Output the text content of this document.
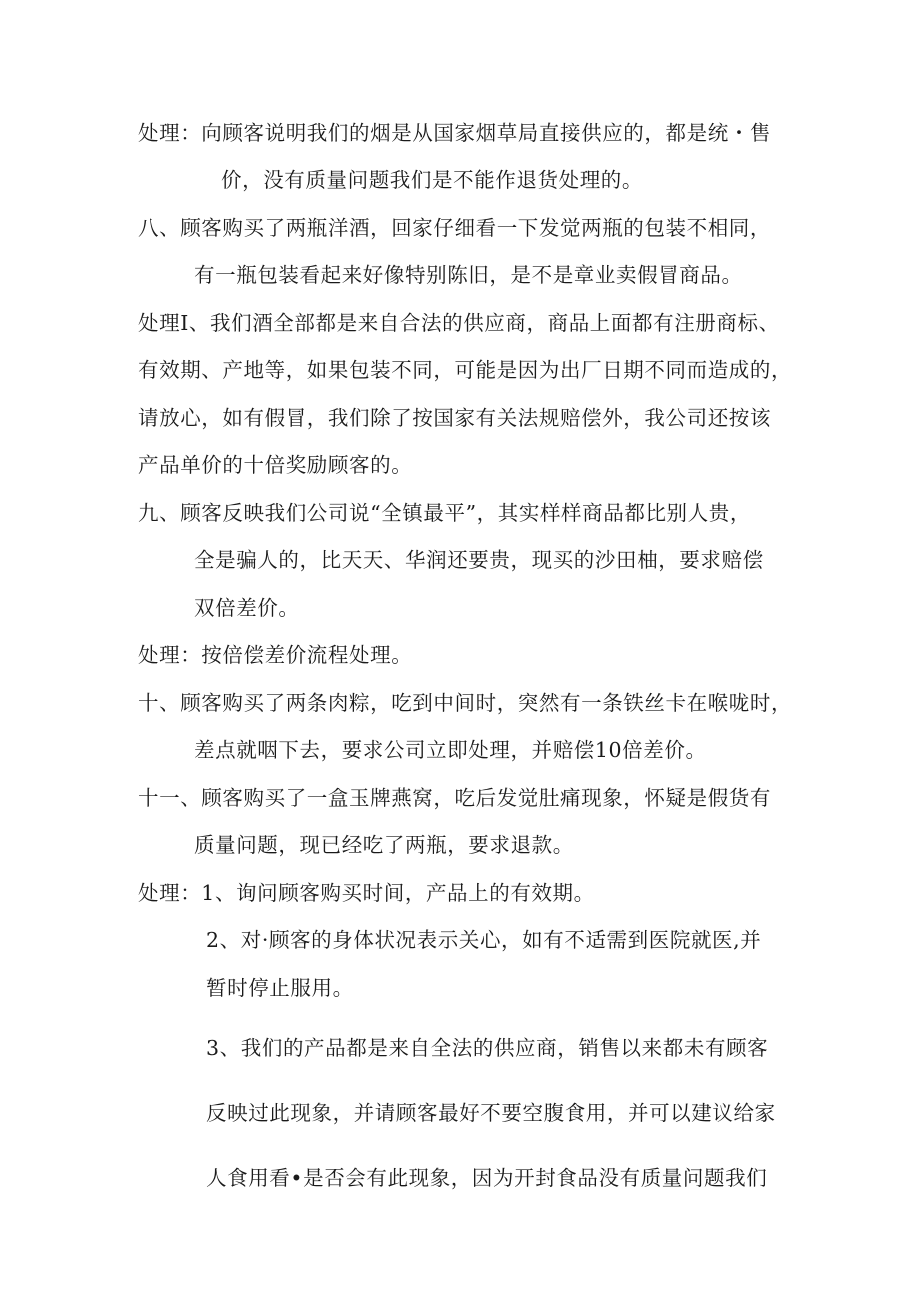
处理：向顾客说明我们的烟是从国家烟草局直接供应的，都是统・售
价，没有质量问题我们是不能作退货处理的。
八、顾客购买了两瓶洋酒，回家仔细看一下发觉两瓶的包装不相同，
有一瓶包装看起来好像特别陈旧，是不是章业卖假冒商品。
处理Ⅰ、我们酒全部都是来自合法的供应商，商品上面都有注册商标、
有效期、产地等，如果包装不同，可能是因为出厂日期不同而造成的，
请放心，如有假冒，我们除了按国家有关法规赔偿外，我公司还按该
产品单价的十倍奖励顾客的。
九、顾客反映我们公司说“全镇最平”，其实样样商品都比别人贵，
全是骗人的，比天天、华润还要贵，现买的沙田柚，要求赔偿
双倍差价。
处理：按倍偿差价流程处理。
十、顾客购买了两条肉粽，吃到中间时，突然有一条铁丝卡在喉咙时，
差点就咽下去，要求公司立即处理，并赔偿10倍差价。
十一、顾客购买了一盒玉牌燕窝，吃后发觉肚痛现象，怀疑是假货有
质量问题，现已经吃了两瓶，要求退款。
处理：1、询问顾客购买时间，产品上的有效期。
2、对·顾客的身体状况表示关心，如有不适需到医院就医,并
暂时停止服用。
3、我们的产品都是来自全法的供应商，销售以来都未有顾客
反映过此现象，并请顾客最好不要空腹食用，并可以建议给家
人食用看•是否会有此现象，因为开封食品没有质量问题我们
